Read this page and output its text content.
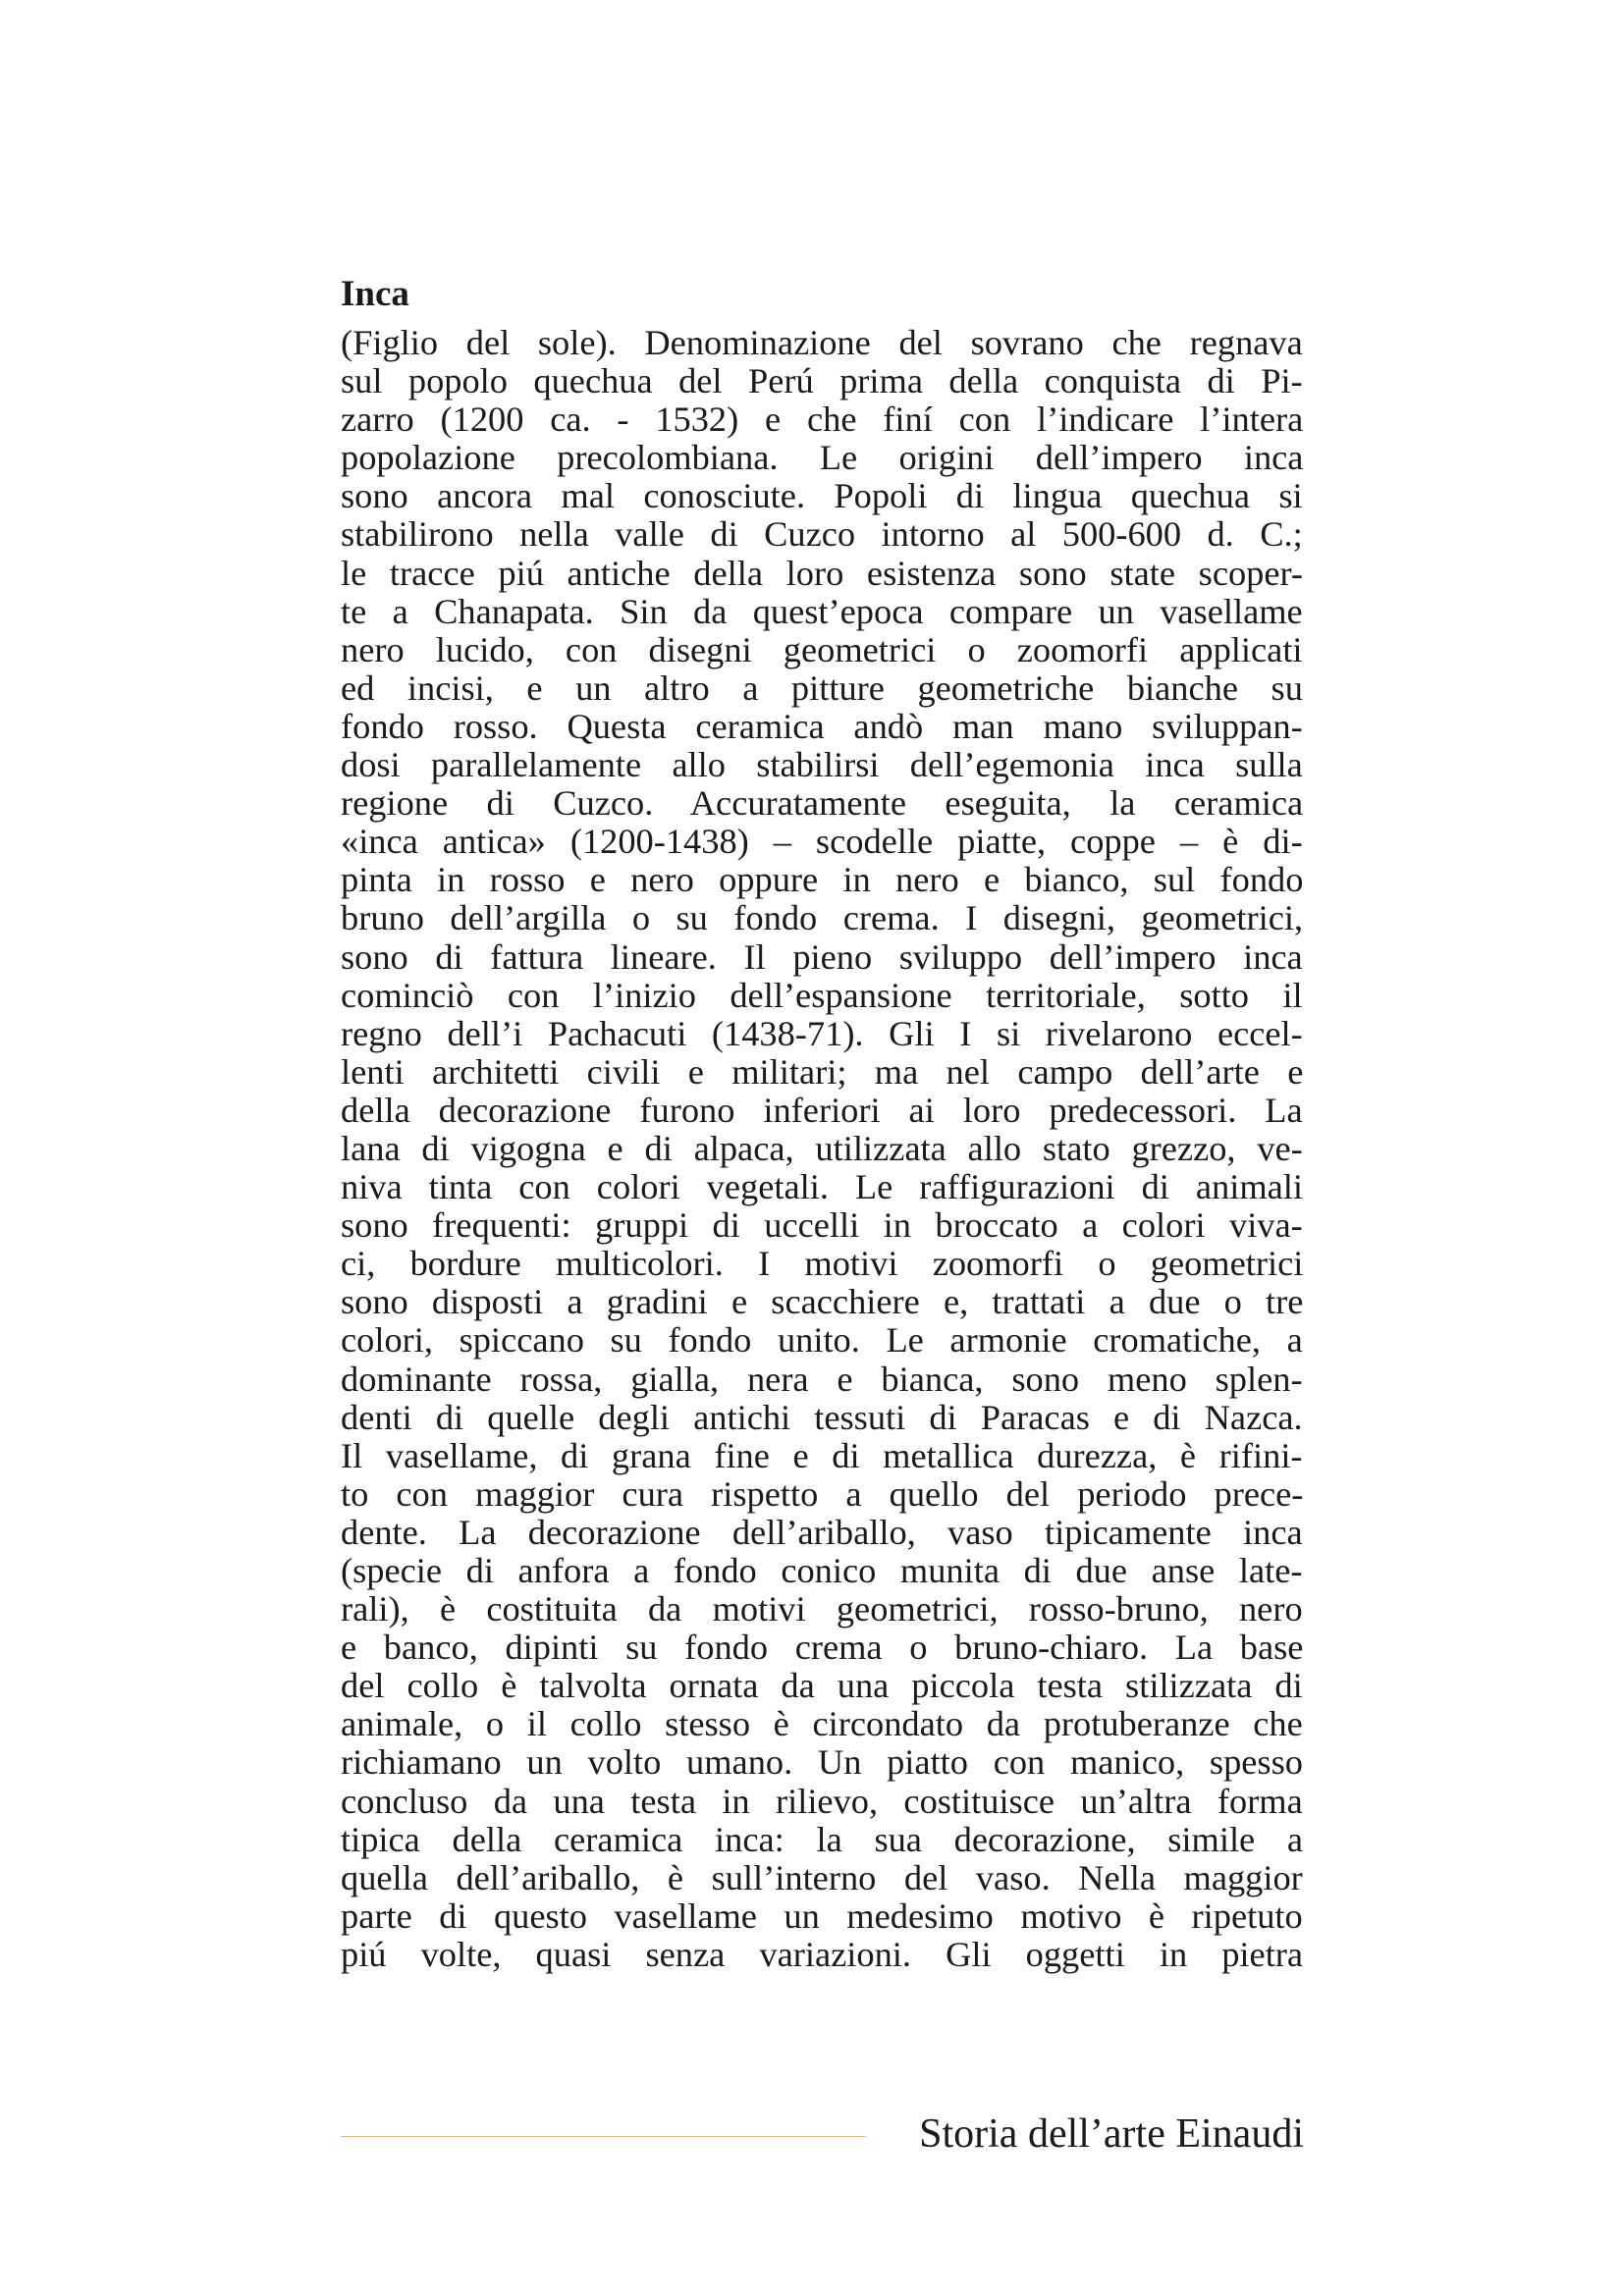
Inca
(Figlio del sole). Denominazione del sovrano che regnava
sul popolo quechua del Perú prima della conquista di Pi-
zarro (1200 ca. - 1532) e che finí con l’indicare l’intera
popolazione precolombiana. Le origini dell’impero inca
sono ancora mal conosciute. Popoli di lingua quechua si
stabilirono nella valle di Cuzco intorno al 500-600 d. C.;
le tracce piú antiche della loro esistenza sono state scoper-
te a Chanapata. Sin da quest’epoca compare un vasellame
nero lucido, con disegni geometrici o zoomorfi applicati
ed incisi, e un altro a pitture geometriche bianche su
fondo rosso. Questa ceramica andò man mano sviluppan-
dosi parallelamente allo stabilirsi dell’egemonia inca sulla
regione di Cuzco. Accuratamente eseguita, la ceramica
«inca antica» (1200-1438) – scodelle piatte, coppe – è di-
pinta in rosso e nero oppure in nero e bianco, sul fondo
bruno dell’argilla o su fondo crema. I disegni, geometrici,
sono di fattura lineare. Il pieno sviluppo dell’impero inca
cominciò con l’inizio dell’espansione territoriale, sotto il
regno dell’i Pachacuti (1438-71). Gli I si rivelarono eccel-
lenti architetti civili e militari; ma nel campo dell’arte e
della decorazione furono inferiori ai loro predecessori. La
lana di vigogna e di alpaca, utilizzata allo stato grezzo, ve-
niva tinta con colori vegetali. Le raffigurazioni di animali
sono frequenti: gruppi di uccelli in broccato a colori viva-
ci, bordure multicolori. I motivi zoomorfi o geometrici
sono disposti a gradini e scacchiere e, trattati a due o tre
colori, spiccano su fondo unito. Le armonie cromatiche, a
dominante rossa, gialla, nera e bianca, sono meno splen-
denti di quelle degli antichi tessuti di Paracas e di Nazca.
Il vasellame, di grana fine e di metallica durezza, è rifini-
to con maggior cura rispetto a quello del periodo prece-
dente. La decorazione dell’ariballo, vaso tipicamente inca
(specie di anfora a fondo conico munita di due anse late-
rali), è costituita da motivi geometrici, rosso-bruno, nero
e banco, dipinti su fondo crema o bruno-chiaro. La base
del collo è talvolta ornata da una piccola testa stilizzata di
animale, o il collo stesso è circondato da protuberanze che
richiamano un volto umano. Un piatto con manico, spesso
concluso da una testa in rilievo, costituisce un’altra forma
tipica della ceramica inca: la sua decorazione, simile a
quella dell’ariballo, è sull’interno del vaso. Nella maggior
parte di questo vasellame un medesimo motivo è ripetuto
piú volte, quasi senza variazioni. Gli oggetti in pietra
Storia dell’arte Einaudi
